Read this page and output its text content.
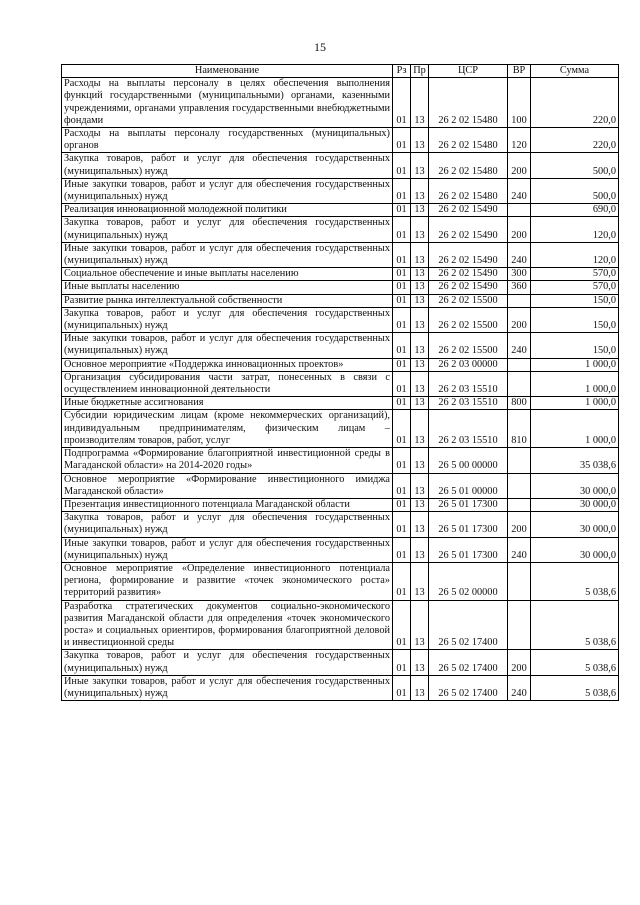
15
Наименование	Рз	Пр	ЦСР	ВР	Сумма
Расходы на выплаты персоналу в целях обеспечения выполнения функций государственными (муниципальными) органами, казенными учреждениями, органами управления государственными внебюджетными фондами	01	13	26 2 02 15480	100	220,0
Расходы на выплаты персоналу государственных (муниципальных) органов	01	13	26 2 02 15480	120	220,0
Закупка товаров, работ и услуг для обеспечения государственных (муниципальных) нужд	01	13	26 2 02 15480	200	500,0
Иные закупки товаров, работ и услуг для обеспечения государственных (муниципальных) нужд	01	13	26 2 02 15480	240	500,0
Реализация инновационной молодежной политики	01	13	26 2 02 15490		690,0
Закупка товаров, работ и услуг для обеспечения государственных (муниципальных) нужд	01	13	26 2 02 15490	200	120,0
Иные закупки товаров, работ и услуг для обеспечения государственных (муниципальных) нужд	01	13	26 2 02 15490	240	120,0
Социальное обеспечение и иные выплаты населению	01	13	26 2 02 15490	300	570,0
Иные выплаты населению	01	13	26 2 02 15490	360	570,0
Развитие рынка интеллектуальной собственности	01	13	26 2 02 15500		150,0
Закупка товаров, работ и услуг для обеспечения государственных (муниципальных) нужд	01	13	26 2 02 15500	200	150,0
Иные закупки товаров, работ и услуг для обеспечения государственных (муниципальных) нужд	01	13	26 2 02 15500	240	150,0
Основное мероприятие «Поддержка инновационных проектов»	01	13	26 2 03 00000		1 000,0
Организация субсидирования части затрат, понесенных в связи с осуществлением инновационной деятельности	01	13	26 2 03 15510		1 000,0
Иные бюджетные ассигнования	01	13	26 2 03 15510	800	1 000,0
Субсидии юридическим лицам (кроме некоммерческих организаций), индивидуальным предпринимателям, физическим лицам – производителям товаров, работ, услуг	01	13	26 2 03 15510	810	1 000,0
Подпрограмма «Формирование благоприятной инвестиционной среды в Магаданской области» на 2014-2020 годы»	01	13	26 5 00 00000		35 038,6
Основное мероприятие «Формирование инвестиционного имиджа Магаданской области»	01	13	26 5 01 00000		30 000,0
Презентация инвестиционного потенциала Магаданской области	01	13	26 5 01 17300		30 000,0
Закупка товаров, работ и услуг для обеспечения государственных (муниципальных) нужд	01	13	26 5 01 17300	200	30 000,0
Иные закупки товаров, работ и услуг для обеспечения государственных (муниципальных) нужд	01	13	26 5 01 17300	240	30 000,0
Основное мероприятие «Определение инвестиционного потенциала региона, формирование и развитие «точек экономического роста» территорий развития»	01	13	26 5 02 00000		5 038,6
Разработка стратегических документов социально-экономического развития Магаданской области для определения «точек экономического роста» и социальных ориентиров, формирования благоприятной деловой и инвестиционной среды	01	13	26 5 02 17400		5 038,6
Закупка товаров, работ и услуг для обеспечения государственных (муниципальных) нужд	01	13	26 5 02 17400	200	5 038,6
Иные закупки товаров, работ и услуг для обеспечения государственных (муниципальных) нужд	01	13	26 5 02 17400	240	5 038,6
